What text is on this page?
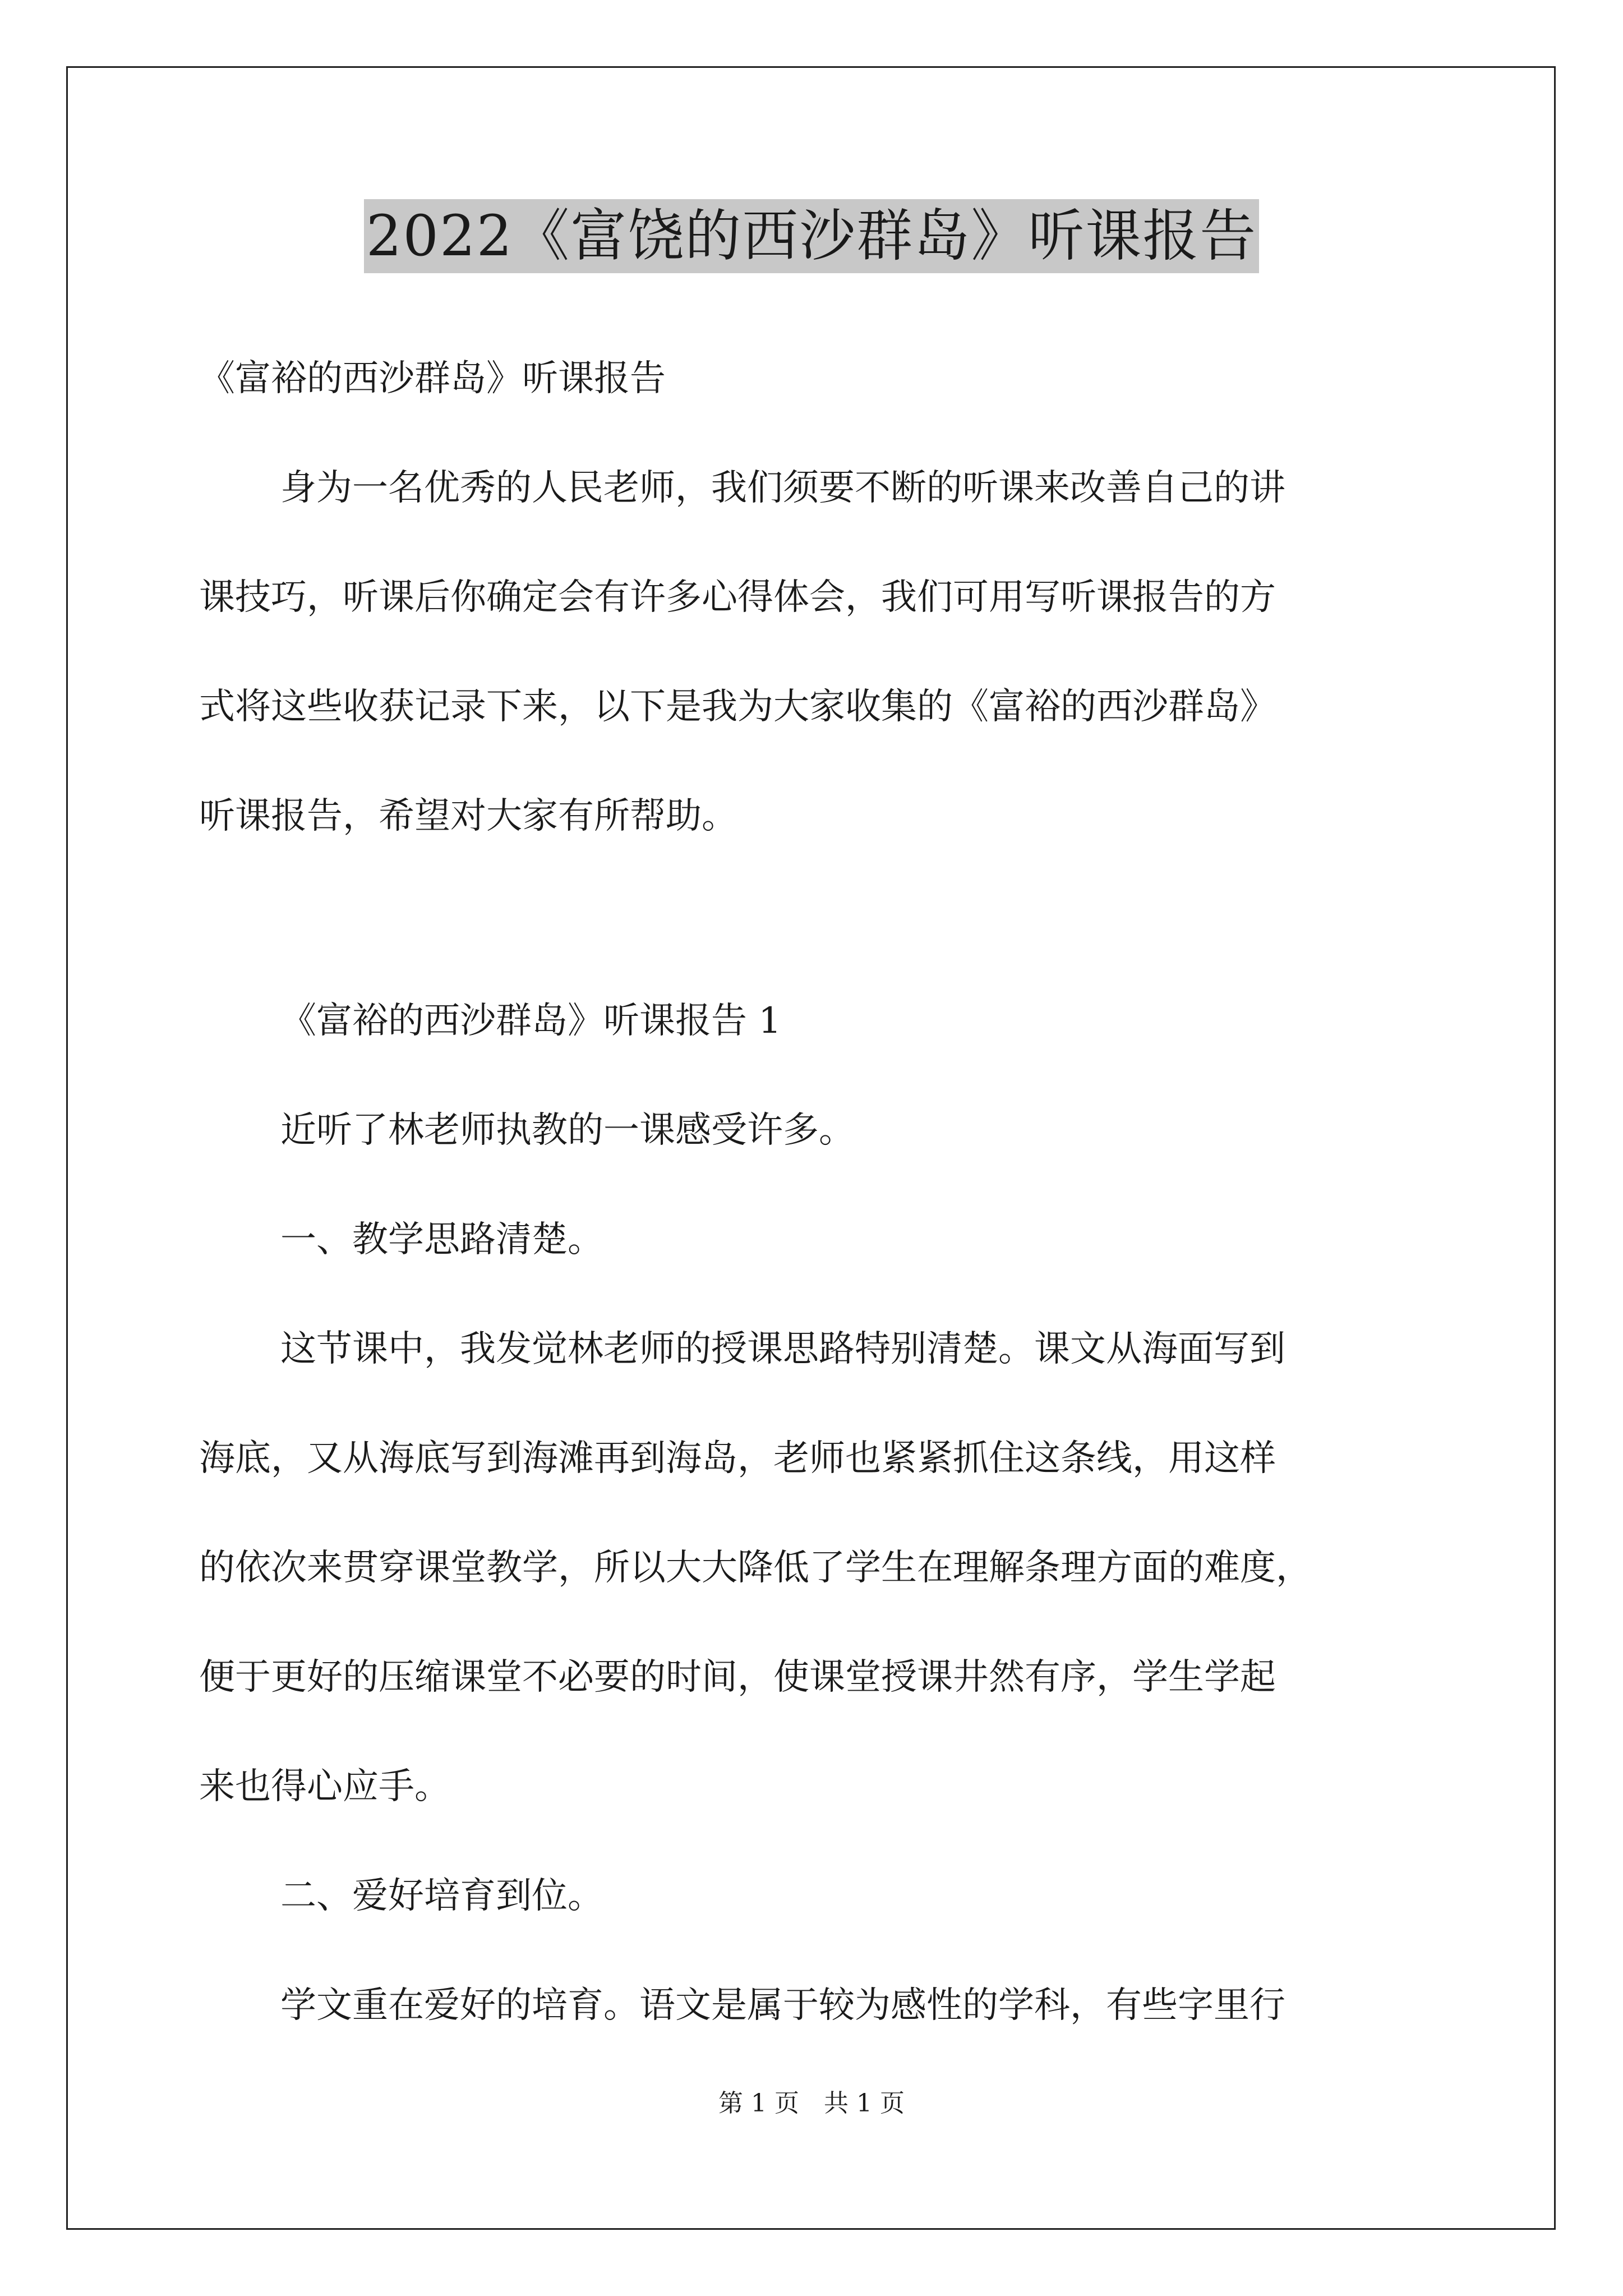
2022《富饶的西沙群岛》听课报告
《富裕的西沙群岛》听课报告
身为一名优秀的人民老师，我们须要不断的听课来改善自己的讲
课技巧，听课后你确定会有许多心得体会，我们可用写听课报告的方
式将这些收获记录下来，以下是我为大家收集的《富裕的西沙群岛》
听课报告，希望对大家有所帮助。
《富裕的西沙群岛》听课报告 1
近听了林老师执教的一课感受许多。
一、教学思路清楚。
这节课中，我发觉林老师的授课思路特别清楚。课文从海面写到
海底，又从海底写到海滩再到海岛，老师也紧紧抓住这条线，用这样
的依次来贯穿课堂教学，所以大大降低了学生在理解条理方面的难度，
便于更好的压缩课堂不必要的时间，使课堂授课井然有序，学生学起
来也得心应手。
二、爱好培育到位。
学文重在爱好的培育。语文是属于较为感性的学科，有些字里行
第 1 页　共 1 页
